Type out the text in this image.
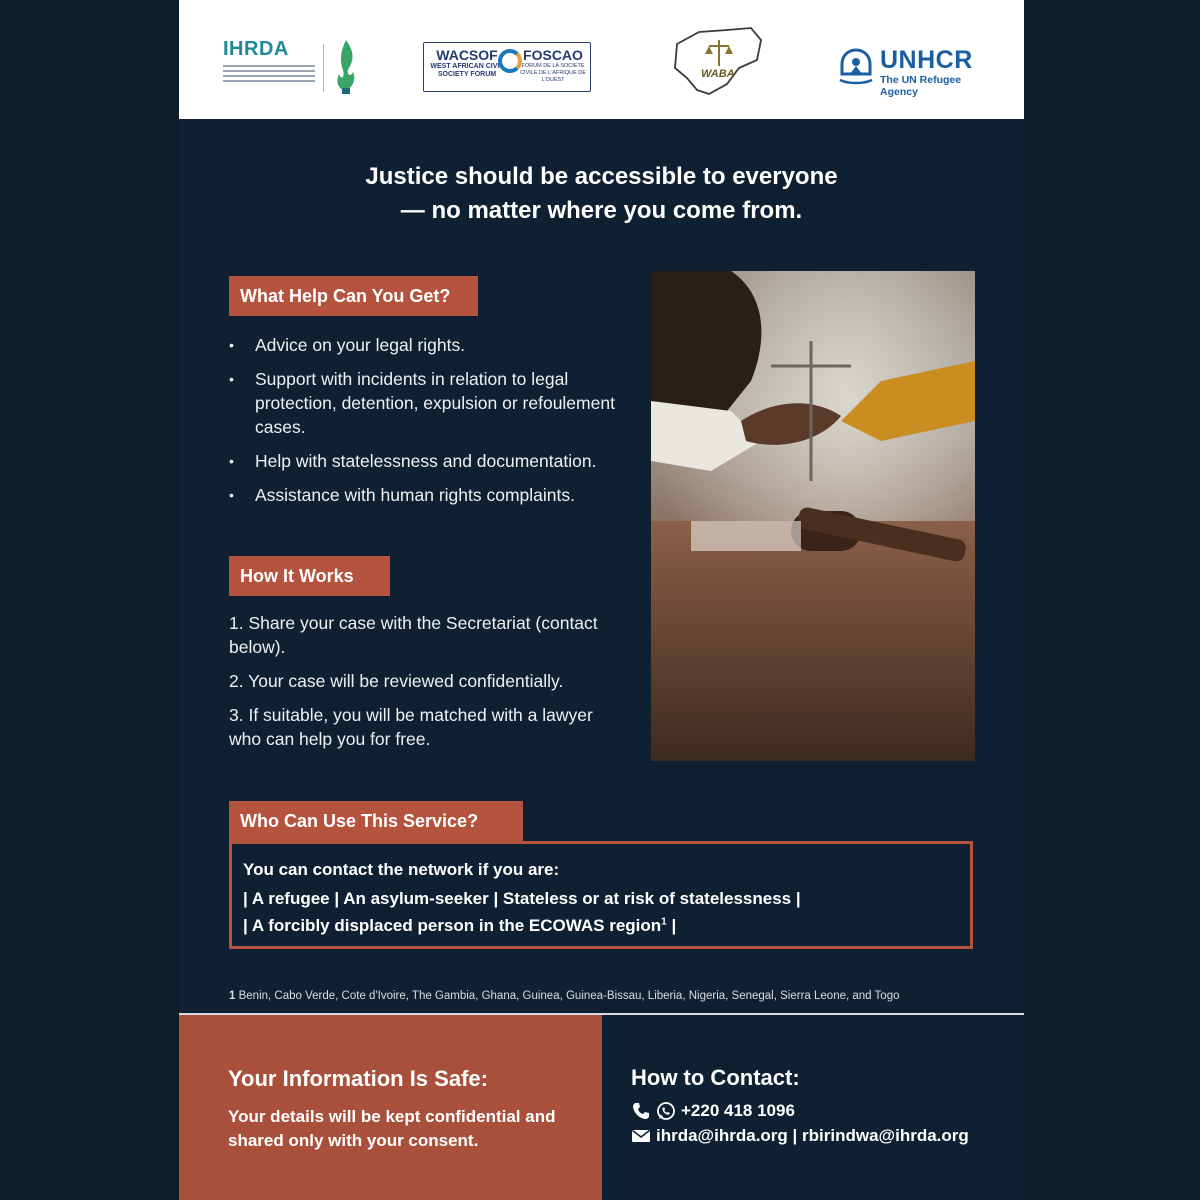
IHRDA	WACSOF
WEST AFRICAN CIVIL SOCIETY FORUM
FOSCAO
FORUM DE LA SOCIETE CIVILE DE L'AFRIQUE DE L'OUEST	WABA	UNHCR
The UN Refugee Agency
Justice should be accessible to everyone
— no matter where you come from.
What Help Can You Get?
• Advice on your legal rights.
• Support with incidents in relation to legal protection, detention, expulsion or refoulement cases.
• Help with statelessness and documentation.
• Assistance with human rights complaints.
How It Works
1. Share your case with the Secretariat (contact below).
2. Your case will be reviewed confidentially.
3. If suitable, you will be matched with a lawyer who can help you for free.
Who Can Use This Service?
You can contact the network if you are:
| A refugee | An asylum-seeker | Stateless or at risk of statelessness |
| A forcibly displaced person in the ECOWAS region$^1$ |
1 Benin, Cabo Verde, Cote d'Ivoire, The Gambia, Ghana, Guinea, Guinea-Bissau, Liberia, Nigeria, Senegal, Sierra Leone, and Togo
Your Information Is Safe:
Your details will be kept confidential and shared only with your consent.
How to Contact:
+220 418 1096
ihrda@ihrda.org | rbirindwa@ihrda.org
